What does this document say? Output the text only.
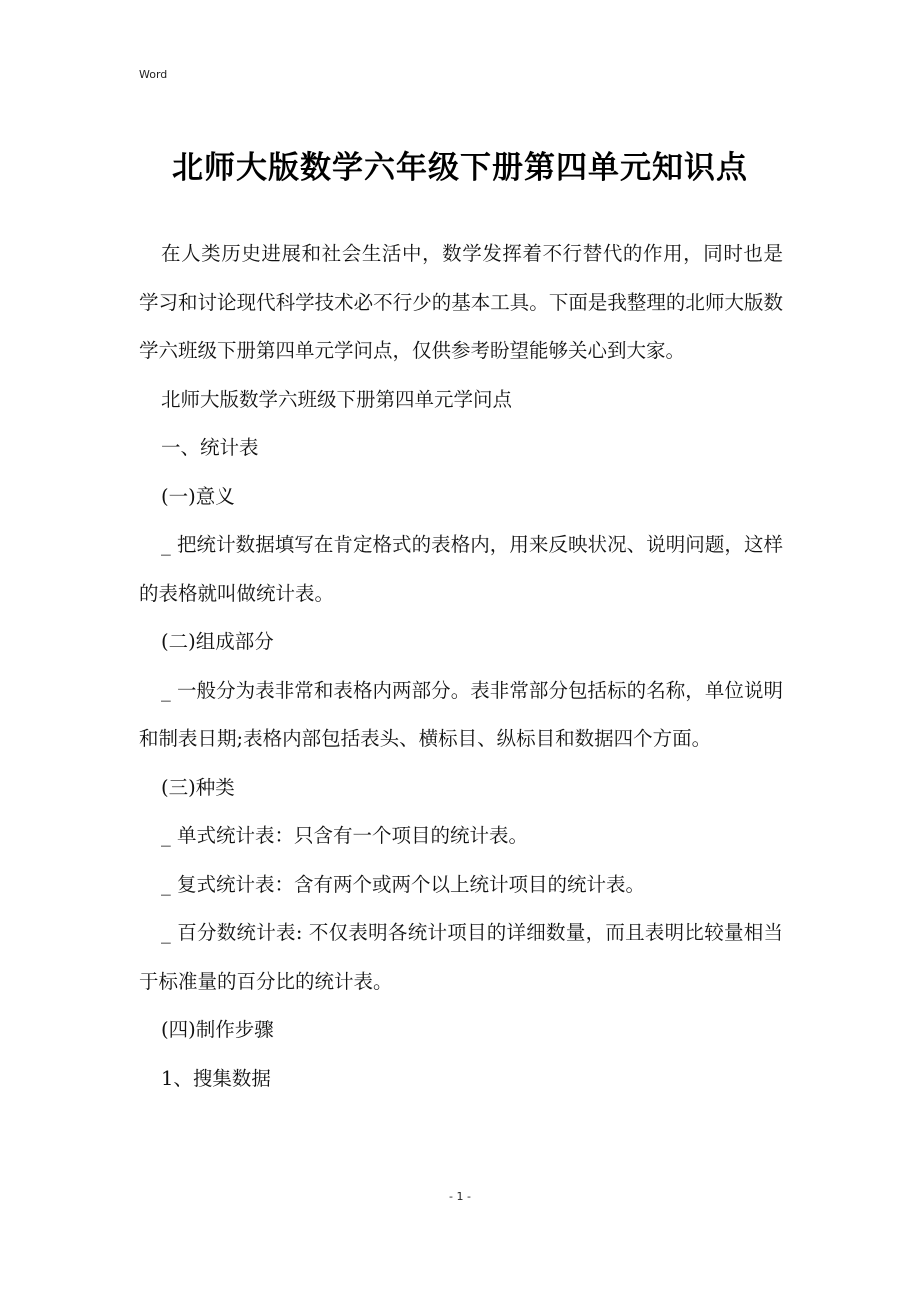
Word
北师大版数学六年级下册第四单元知识点

在人类历史进展和社会生活中，数学发挥着不行替代的作用，同时也是学习和讨论现代科学技术必不行少的基本工具。下面是我整理的北师大版数学六班级下册第四单元学问点，仅供参考盼望能够关心到大家。

北师大版数学六班级下册第四单元学问点

一、统计表

(一)意义

_ 把统计数据填写在肯定格式的表格内，用来反映状况、说明问题，这样的表格就叫做统计表。

(二)组成部分

_ 一般分为表非常和表格内两部分。表非常部分包括标的名称，单位说明和制表日期;表格内部包括表头、横标目、纵标目和数据四个方面。

(三)种类

_ 单式统计表：只含有一个项目的统计表。

_ 复式统计表：含有两个或两个以上统计项目的统计表。

_ 百分数统计表: 不仅表明各统计项目的详细数量，而且表明比较量相当于标准量的百分比的统计表。

(四)制作步骤

1、搜集数据

- 1 -
